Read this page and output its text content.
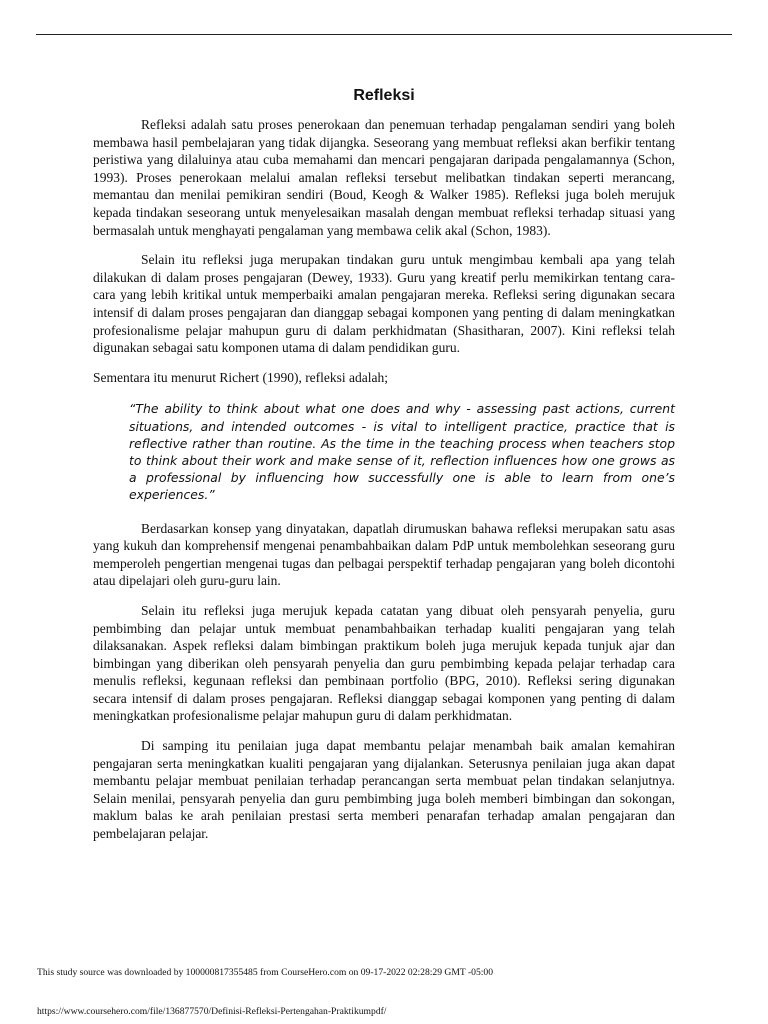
Refleksi

Refleksi adalah satu proses penerokaan dan penemuan terhadap pengalaman sendiri yang boleh membawa hasil pembelajaran yang tidak dijangka. Seseorang yang membuat refleksi akan berfikir tentang peristiwa yang dilaluinya atau cuba memahami dan mencari pengajaran daripada pengalamannya (Schon, 1993). Proses penerokaan melalui amalan refleksi tersebut melibatkan tindakan seperti merancang, memantau dan menilai pemikiran sendiri (Boud, Keogh & Walker 1985). Refleksi juga boleh merujuk kepada tindakan seseorang untuk menyelesaikan masalah dengan membuat refleksi terhadap situasi yang bermasalah untuk menghayati pengalaman yang membawa celik akal (Schon, 1983).

Selain itu refleksi juga merupakan tindakan guru untuk mengimbau kembali apa yang telah dilakukan di dalam proses pengajaran (Dewey, 1933). Guru yang kreatif perlu memikirkan tentang cara-cara yang lebih kritikal untuk memperbaiki amalan pengajaran mereka. Refleksi sering digunakan secara intensif di dalam proses pengajaran dan dianggap sebagai komponen yang penting di dalam meningkatkan profesionalisme pelajar mahupun guru di dalam perkhidmatan (Shasitharan, 2007). Kini refleksi telah digunakan sebagai satu komponen utama di dalam pendidikan guru.

Sementara itu menurut Richert (1990), refleksi adalah;

“The ability to think about what one does and why - assessing past actions, current situations, and intended outcomes - is vital to intelligent practice, practice that is reflective rather than routine. As the time in the teaching process when teachers stop to think about their work and make sense of it, reflection influences how one grows as a professional by influencing how successfully one is able to learn from one’s experiences.”

Berdasarkan konsep yang dinyatakan, dapatlah dirumuskan bahawa refleksi merupakan satu asas yang kukuh dan komprehensif mengenai penambahbaikan dalam PdP untuk membolehkan seseorang guru memperoleh pengertian mengenai tugas dan pelbagai perspektif terhadap pengajaran yang boleh dicontohi atau dipelajari oleh guru-guru lain.

Selain itu refleksi juga merujuk kepada catatan yang dibuat oleh pensyarah penyelia, guru pembimbing dan pelajar untuk membuat penambahbaikan terhadap kualiti pengajaran yang telah dilaksanakan. Aspek refleksi dalam bimbingan praktikum boleh juga merujuk kepada tunjuk ajar dan bimbingan yang diberikan oleh pensyarah penyelia dan guru pembimbing kepada pelajar terhadap cara menulis refleksi, kegunaan refleksi dan pembinaan portfolio (BPG, 2010). Refleksi sering digunakan secara intensif di dalam proses pengajaran. Refleksi dianggap sebagai komponen yang penting di dalam meningkatkan profesionalisme pelajar mahupun guru di dalam perkhidmatan.

Di samping itu penilaian juga dapat membantu pelajar menambah baik amalan kemahiran pengajaran serta meningkatkan kualiti pengajaran yang dijalankan. Seterusnya penilaian juga akan dapat membantu pelajar membuat penilaian terhadap perancangan serta membuat pelan tindakan selanjutnya. Selain menilai, pensyarah penyelia dan guru pembimbing juga boleh memberi bimbingan dan sokongan, maklum balas ke arah penilaian prestasi serta memberi penarafan terhadap amalan pengajaran dan pembelajaran pelajar.

This study source was downloaded by 100000817355485 from CourseHero.com on 09-17-2022 02:28:29 GMT -05:00
https://www.coursehero.com/file/136877570/Definisi-Refleksi-Pertengahan-Praktikumpdf/
